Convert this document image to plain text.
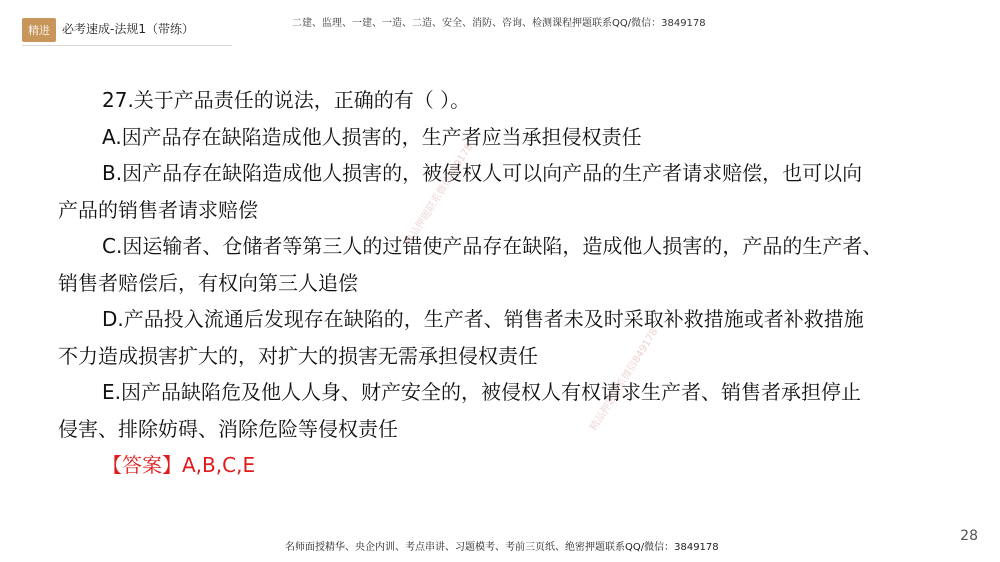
精进	必考速成-法规1（带练）	二建、监理、一建、一造、二造、安全、消防、咨询、检测课程押题联系QQ/微信：3849178
27.关于产品责任的说法，正确的有（ ）。
A.因产品存在缺陷造成他人损害的，生产者应当承担侵权责任
B.因产品存在缺陷造成他人损害的，被侵权人可以向产品的生产者请求赔偿，也可以向
产品的销售者请求赔偿
C.因运输者、仓储者等第三人的过错使产品存在缺陷，造成他人损害的，产品的生产者、
销售者赔偿后，有权向第三人追偿
D.产品投入流通后发现存在缺陷的，生产者、销售者未及时采取补救措施或者补救措施
不力造成损害扩大的，对扩大的损害无需承担侵权责任
E.因产品缺陷危及他人人身、财产安全的，被侵权人有权请求生产者、销售者承担停止
侵害、排除妨碍、消除危险等侵权责任
【答案】A,B,C,E
精品押题联系微信849178
精品押题联系微信849178
名师面授精华、央企内训、考点串讲、习题模考、考前三页纸、绝密押题联系QQ/微信：3849178
28
